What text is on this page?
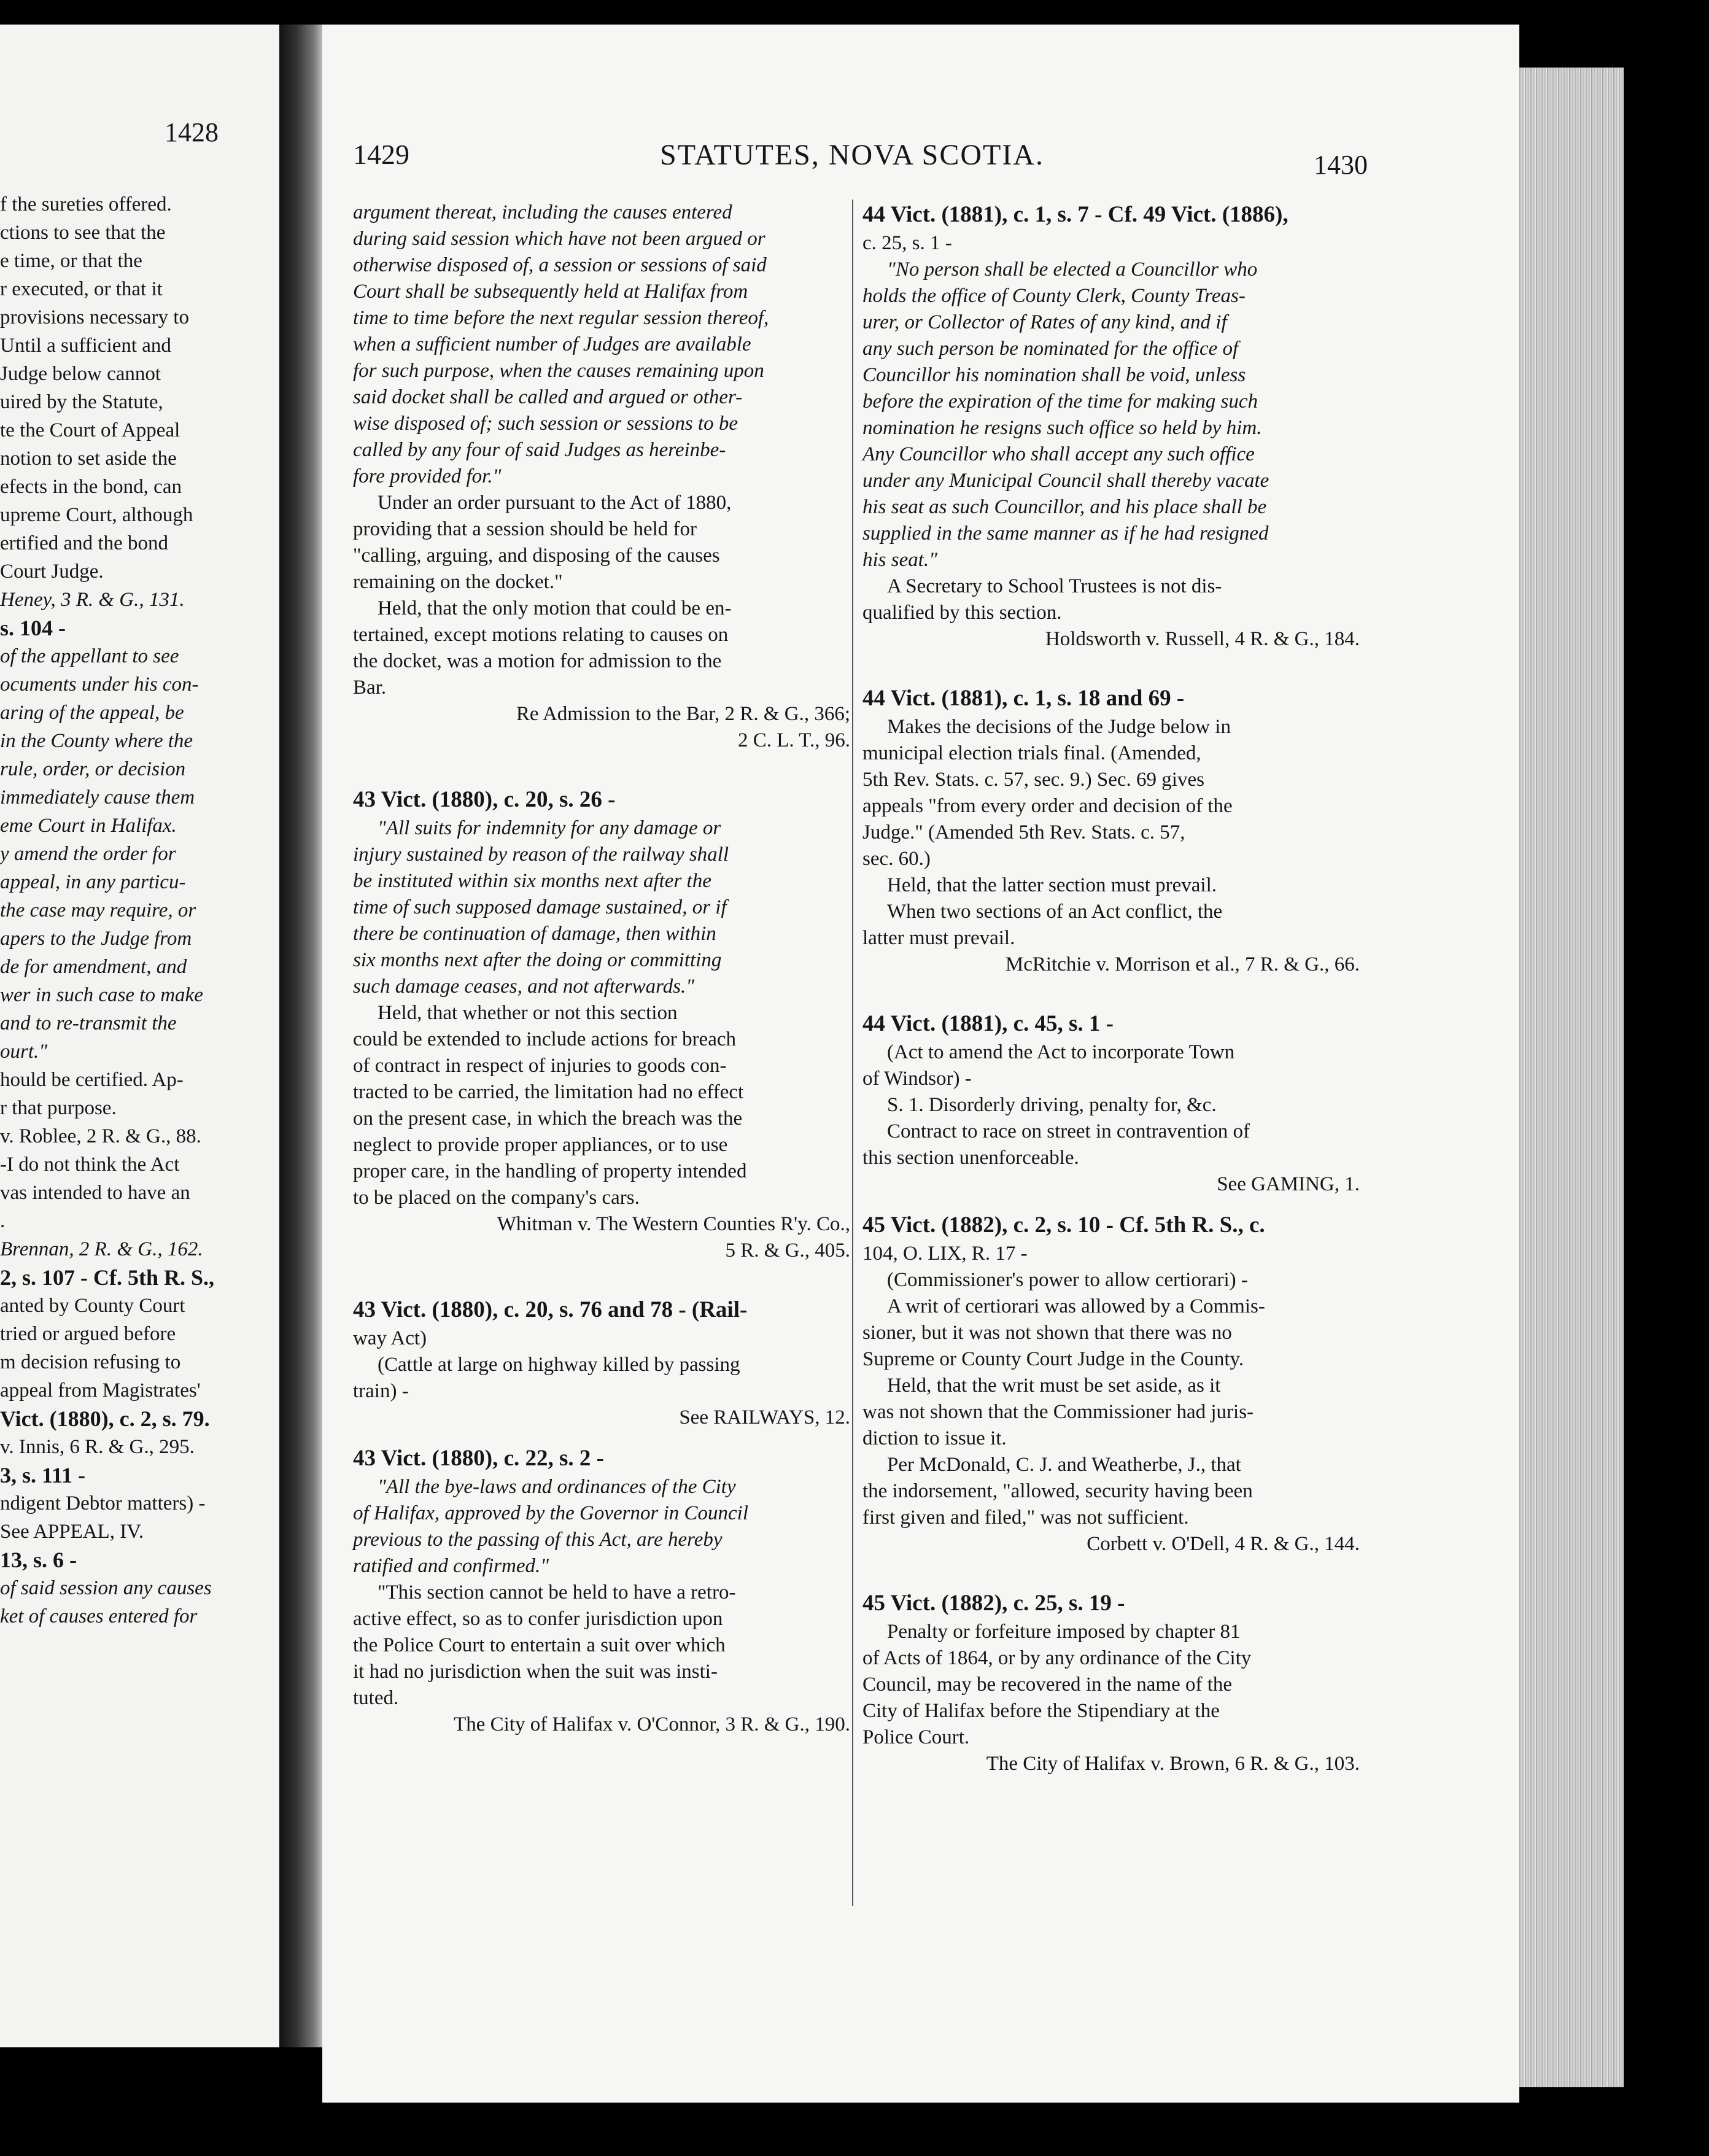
1428
f the sureties offered.
ctions to see that the
e time, or that the
r executed, or that it
provisions necessary to
Until a sufficient and
Judge below cannot
uired by the Statute,
te the Court of Appeal
notion to set aside the
efects in the bond, can
upreme Court, although
ertified and the bond
Court Judge.
Heney, 3 R. & G., 131.
s. 104 -
of the appellant to see
ocuments under his con-
aring of the appeal, be
in the County where the
rule, order, or decision
immediately cause them
eme Court in Halifax.
y amend the order for
appeal, in any particu-
the case may require, or
apers to the Judge from
de for amendment, and
wer in such case to make
and to re-transmit the
ourt."
hould be certified. Ap-
r that purpose.
v. Roblee, 2 R. & G., 88.
-I do not think the Act
vas intended to have an
.
Brennan, 2 R. & G., 162.
2, s. 107 - Cf. 5th R. S.,
anted by County Court
tried or argued before
m decision refusing to
appeal from Magistrates'
Vict. (1880), c. 2, s. 79.
v. Innis, 6 R. & G., 295.
3, s. 111 -
ndigent Debtor matters) -
See APPEAL, IV.
13, s. 6 -
of said session any causes
ket of causes entered for
1429	STATUTES, NOVA SCOTIA.	1430
argument thereat, including the causes entered
during said session which have not been argued or
otherwise disposed of, a session or sessions of said
Court shall be subsequently held at Halifax from
time to time before the next regular session thereof,
when a sufficient number of Judges are available
for such purpose, when the causes remaining upon
said docket shall be called and argued or other-
wise disposed of; such session or sessions to be
called by any four of said Judges as hereinbe-
fore provided for."
Under an order pursuant to the Act of 1880,
providing that a session should be held for
"calling, arguing, and disposing of the causes
remaining on the docket."
Held, that the only motion that could be en-
tertained, except motions relating to causes on
the docket, was a motion for admission to the
Bar.
Re Admission to the Bar, 2 R. & G., 366;
2 C. L. T., 96.
43 Vict. (1880), c. 20, s. 26 -
"All suits for indemnity for any damage or
injury sustained by reason of the railway shall
be instituted within six months next after the
time of such supposed damage sustained, or if
there be continuation of damage, then within
six months next after the doing or committing
such damage ceases, and not afterwards."
Held, that whether or not this section
could be extended to include actions for breach
of contract in respect of injuries to goods con-
tracted to be carried, the limitation had no effect
on the present case, in which the breach was the
neglect to provide proper appliances, or to use
proper care, in the handling of property intended
to be placed on the company's cars.
Whitman v. The Western Counties R'y. Co.,
5 R. & G., 405.
43 Vict. (1880), c. 20, s. 76 and 78 - (Rail-
way Act)
(Cattle at large on highway killed by passing
train) -
See RAILWAYS, 12.
43 Vict. (1880), c. 22, s. 2 -
"All the bye-laws and ordinances of the City
of Halifax, approved by the Governor in Council
previous to the passing of this Act, are hereby
ratified and confirmed."
"This section cannot be held to have a retro-
active effect, so as to confer jurisdiction upon
the Police Court to entertain a suit over which
it had no jurisdiction when the suit was insti-
tuted.
The City of Halifax v. O'Connor, 3 R. & G., 190.
44 Vict. (1881), c. 1, s. 7 - Cf. 49 Vict. (1886),
c. 25, s. 1 -
"No person shall be elected a Councillor who
holds the office of County Clerk, County Treas-
urer, or Collector of Rates of any kind, and if
any such person be nominated for the office of
Councillor his nomination shall be void, unless
before the expiration of the time for making such
nomination he resigns such office so held by him.
Any Councillor who shall accept any such office
under any Municipal Council shall thereby vacate
his seat as such Councillor, and his place shall be
supplied in the same manner as if he had resigned
his seat."
A Secretary to School Trustees is not dis-
qualified by this section.
Holdsworth v. Russell, 4 R. & G., 184.
44 Vict. (1881), c. 1, s. 18 and 69 -
Makes the decisions of the Judge below in
municipal election trials final. (Amended,
5th Rev. Stats. c. 57, sec. 9.) Sec. 69 gives
appeals "from every order and decision of the
Judge." (Amended 5th Rev. Stats. c. 57,
sec. 60.)
Held, that the latter section must prevail.
When two sections of an Act conflict, the
latter must prevail.
McRitchie v. Morrison et al., 7 R. & G., 66.
44 Vict. (1881), c. 45, s. 1 -
(Act to amend the Act to incorporate Town
of Windsor) -
S. 1. Disorderly driving, penalty for, &c.
Contract to race on street in contravention of
this section unenforceable.
See GAMING, 1.
45 Vict. (1882), c. 2, s. 10 - Cf. 5th R. S., c.
104, O. LIX, R. 17 -
(Commissioner's power to allow certiorari) -
A writ of certiorari was allowed by a Commis-
sioner, but it was not shown that there was no
Supreme or County Court Judge in the County.
Held, that the writ must be set aside, as it
was not shown that the Commissioner had juris-
diction to issue it.
Per McDonald, C. J. and Weatherbe, J., that
the indorsement, "allowed, security having been
first given and filed," was not sufficient.
Corbett v. O'Dell, 4 R. & G., 144.
45 Vict. (1882), c. 25, s. 19 -
Penalty or forfeiture imposed by chapter 81
of Acts of 1864, or by any ordinance of the City
Council, may be recovered in the name of the
City of Halifax before the Stipendiary at the
Police Court.
The City of Halifax v. Brown, 6 R. & G., 103.
